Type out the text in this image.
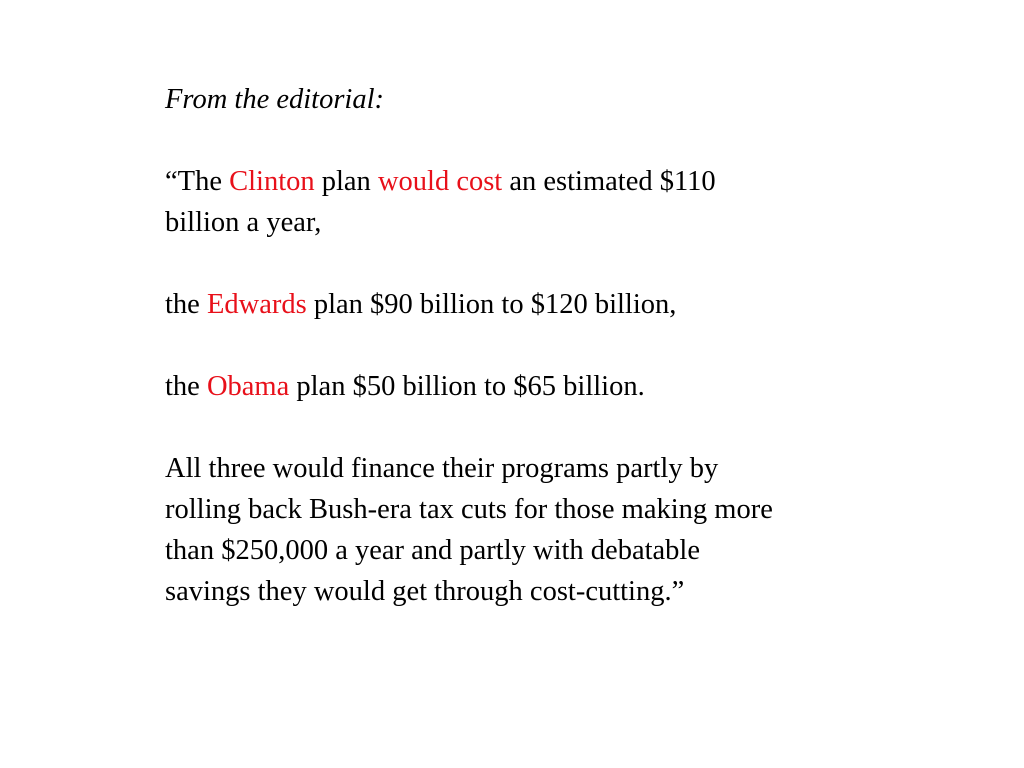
From the editorial:
“The Clinton plan would cost an estimated $110
billion a year,
the Edwards plan $90 billion to $120 billion,
the Obama plan $50 billion to $65 billion.
All three would finance their programs partly by
rolling back Bush-era tax cuts for those making more
than $250,000 a year and partly with debatable
savings they would get through cost-cutting.”
